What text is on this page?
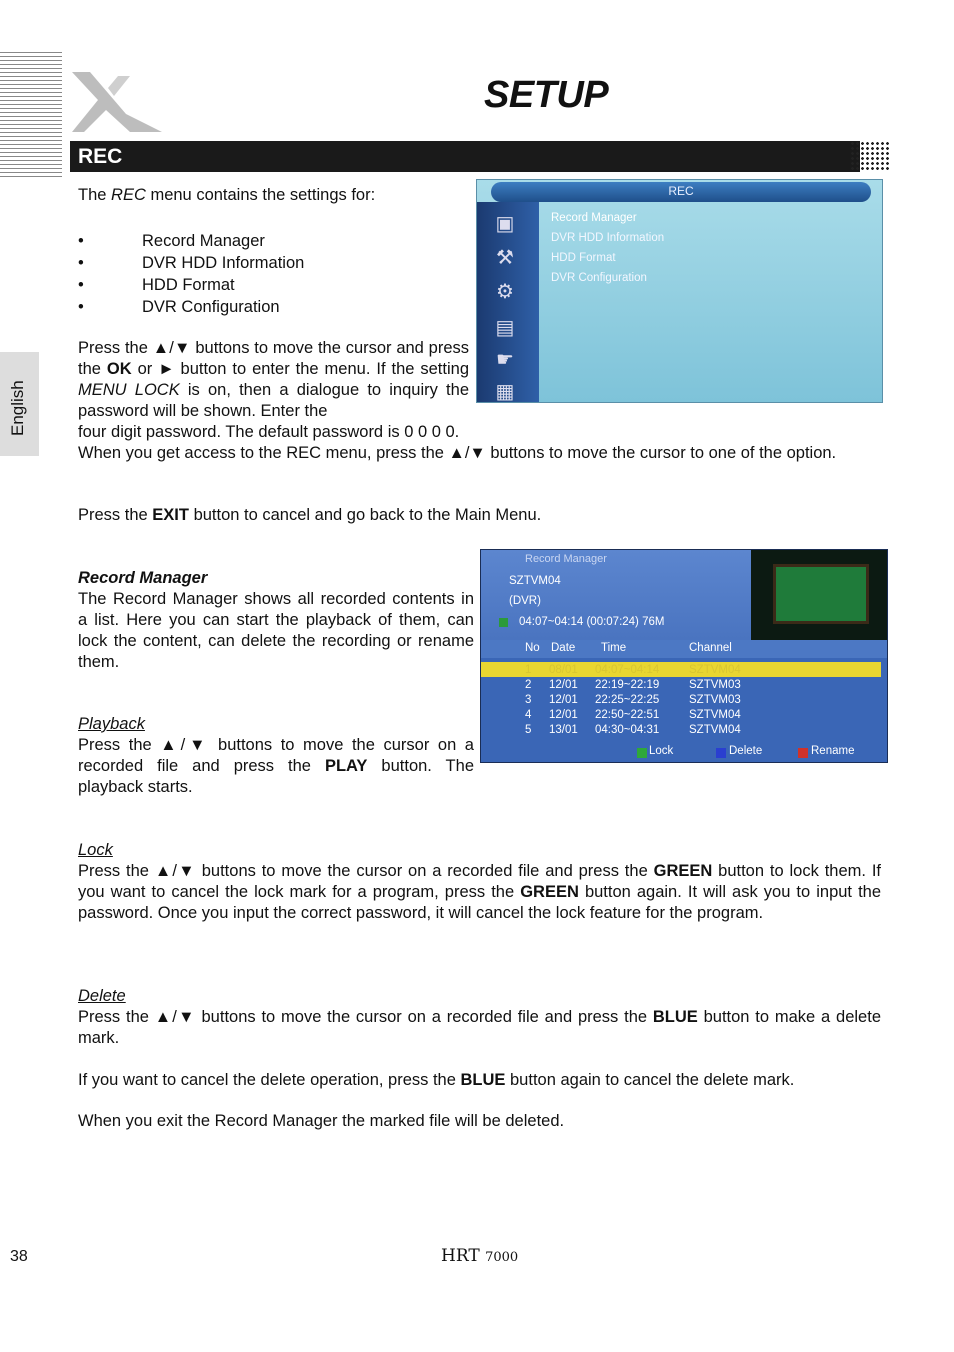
SETUP
REC
English
The REC menu contains the settings for:
• Record Manager
• DVR HDD Information
• HDD Format
• DVR Configuration
Press the ▲/▼ buttons to move the cursor and press the OK or ► button to enter the menu. If the setting MENU LOCK is on, then a dialogue to inquiry the password will be shown. Enter the
four digit password. The default password is 0 0 0 0.
When you get access to the REC menu, press the ▲/▼ buttons to move the cursor to one of the option.
Press the EXIT button to cancel and go back to the Main Menu.
REC
▣
⚒
⚙
▤
☛
▦
Record Manager
DVR HDD Information
HDD Format
DVR Configuration
Record Manager
The Record Manager shows all recorded contents in a list. Here you can start the playback of them, can lock the content, can delete the recording or rename them.
Playback
Press the ▲/▼ buttons to move the cursor on a recorded file and press the PLAY button. The playback starts.
Record Manager
SZTVM04
(DVR)
04:07~04:14 (00:07:24) 76M
No Date Time	Channel
1 08/01 04:07~04:14	SZTVM04
2 12/01 22:19~22:19	SZTVM03
3 12/01 22:25~22:25	SZTVM03
4 12/01 22:50~22:51	SZTVM04
5 13/01 04:30~04:31	SZTVM04
Lock	Delete	Rename
Lock
Press the ▲/▼ buttons to move the cursor on a recorded file and press the GREEN button to lock them. If you want to cancel the lock mark for a program, press the GREEN button again. It will ask you to input the password. Once you input the correct password, it will cancel the lock feature for the program.
Delete
Press the ▲/▼ buttons to move the cursor on a recorded file and press the BLUE button to make a delete mark.
If you want to cancel the delete operation, press the BLUE button again to cancel the delete mark.
When you exit the Record Manager the marked file will be deleted.
38	HRT 7000
